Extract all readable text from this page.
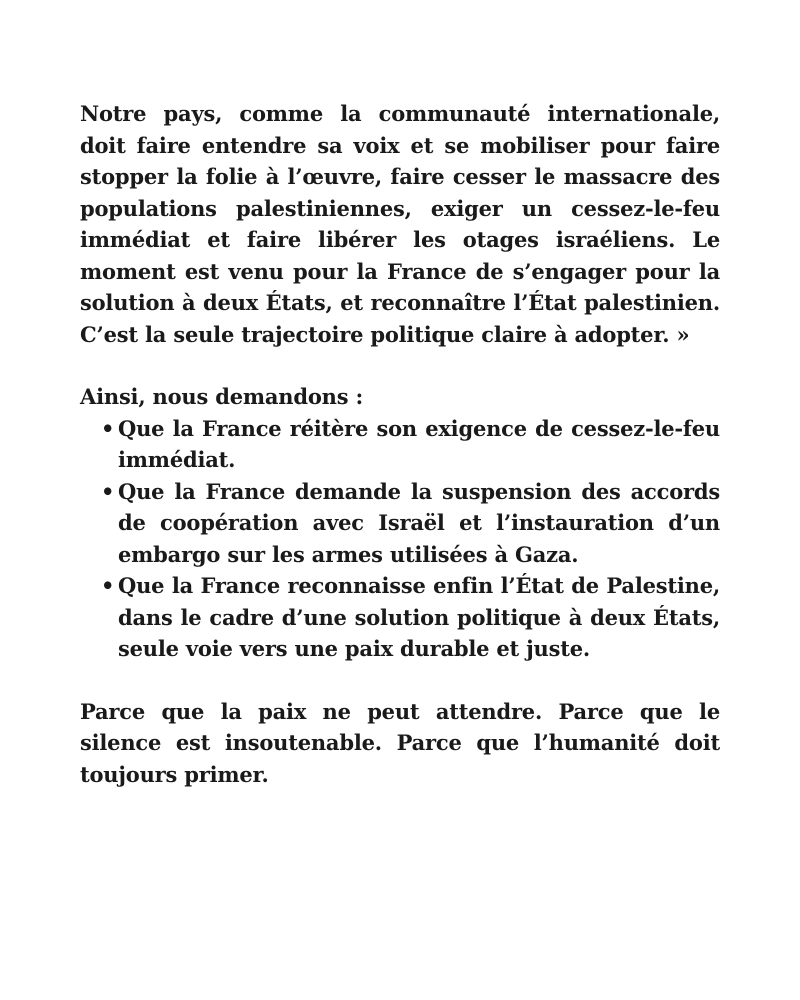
Notre pays, comme la communauté internationale, doit faire entendre sa voix et se mobiliser pour faire stopper la folie à l’œuvre, faire cesser le massacre des populations palestiniennes, exiger un cessez-le-feu immédiat et faire libérer les otages israéliens. Le moment est venu pour la France de s’engager pour la solution à deux États, et reconnaître l’État palestinien. C’est la seule trajectoire politique claire à adopter. »

Ainsi, nous demandons :

• Que la France réitère son exigence de cessez-le-feu immédiat.
• Que la France demande la suspension des accords de coopération avec Israël et l’instauration d’un embargo sur les armes utilisées à Gaza.
• Que la France reconnaisse enfin l’État de Palestine, dans le cadre d’une solution politique à deux États, seule voie vers une paix durable et juste.

Parce que la paix ne peut attendre. Parce que le silence est insoutenable. Parce que l’humanité doit toujours primer.
